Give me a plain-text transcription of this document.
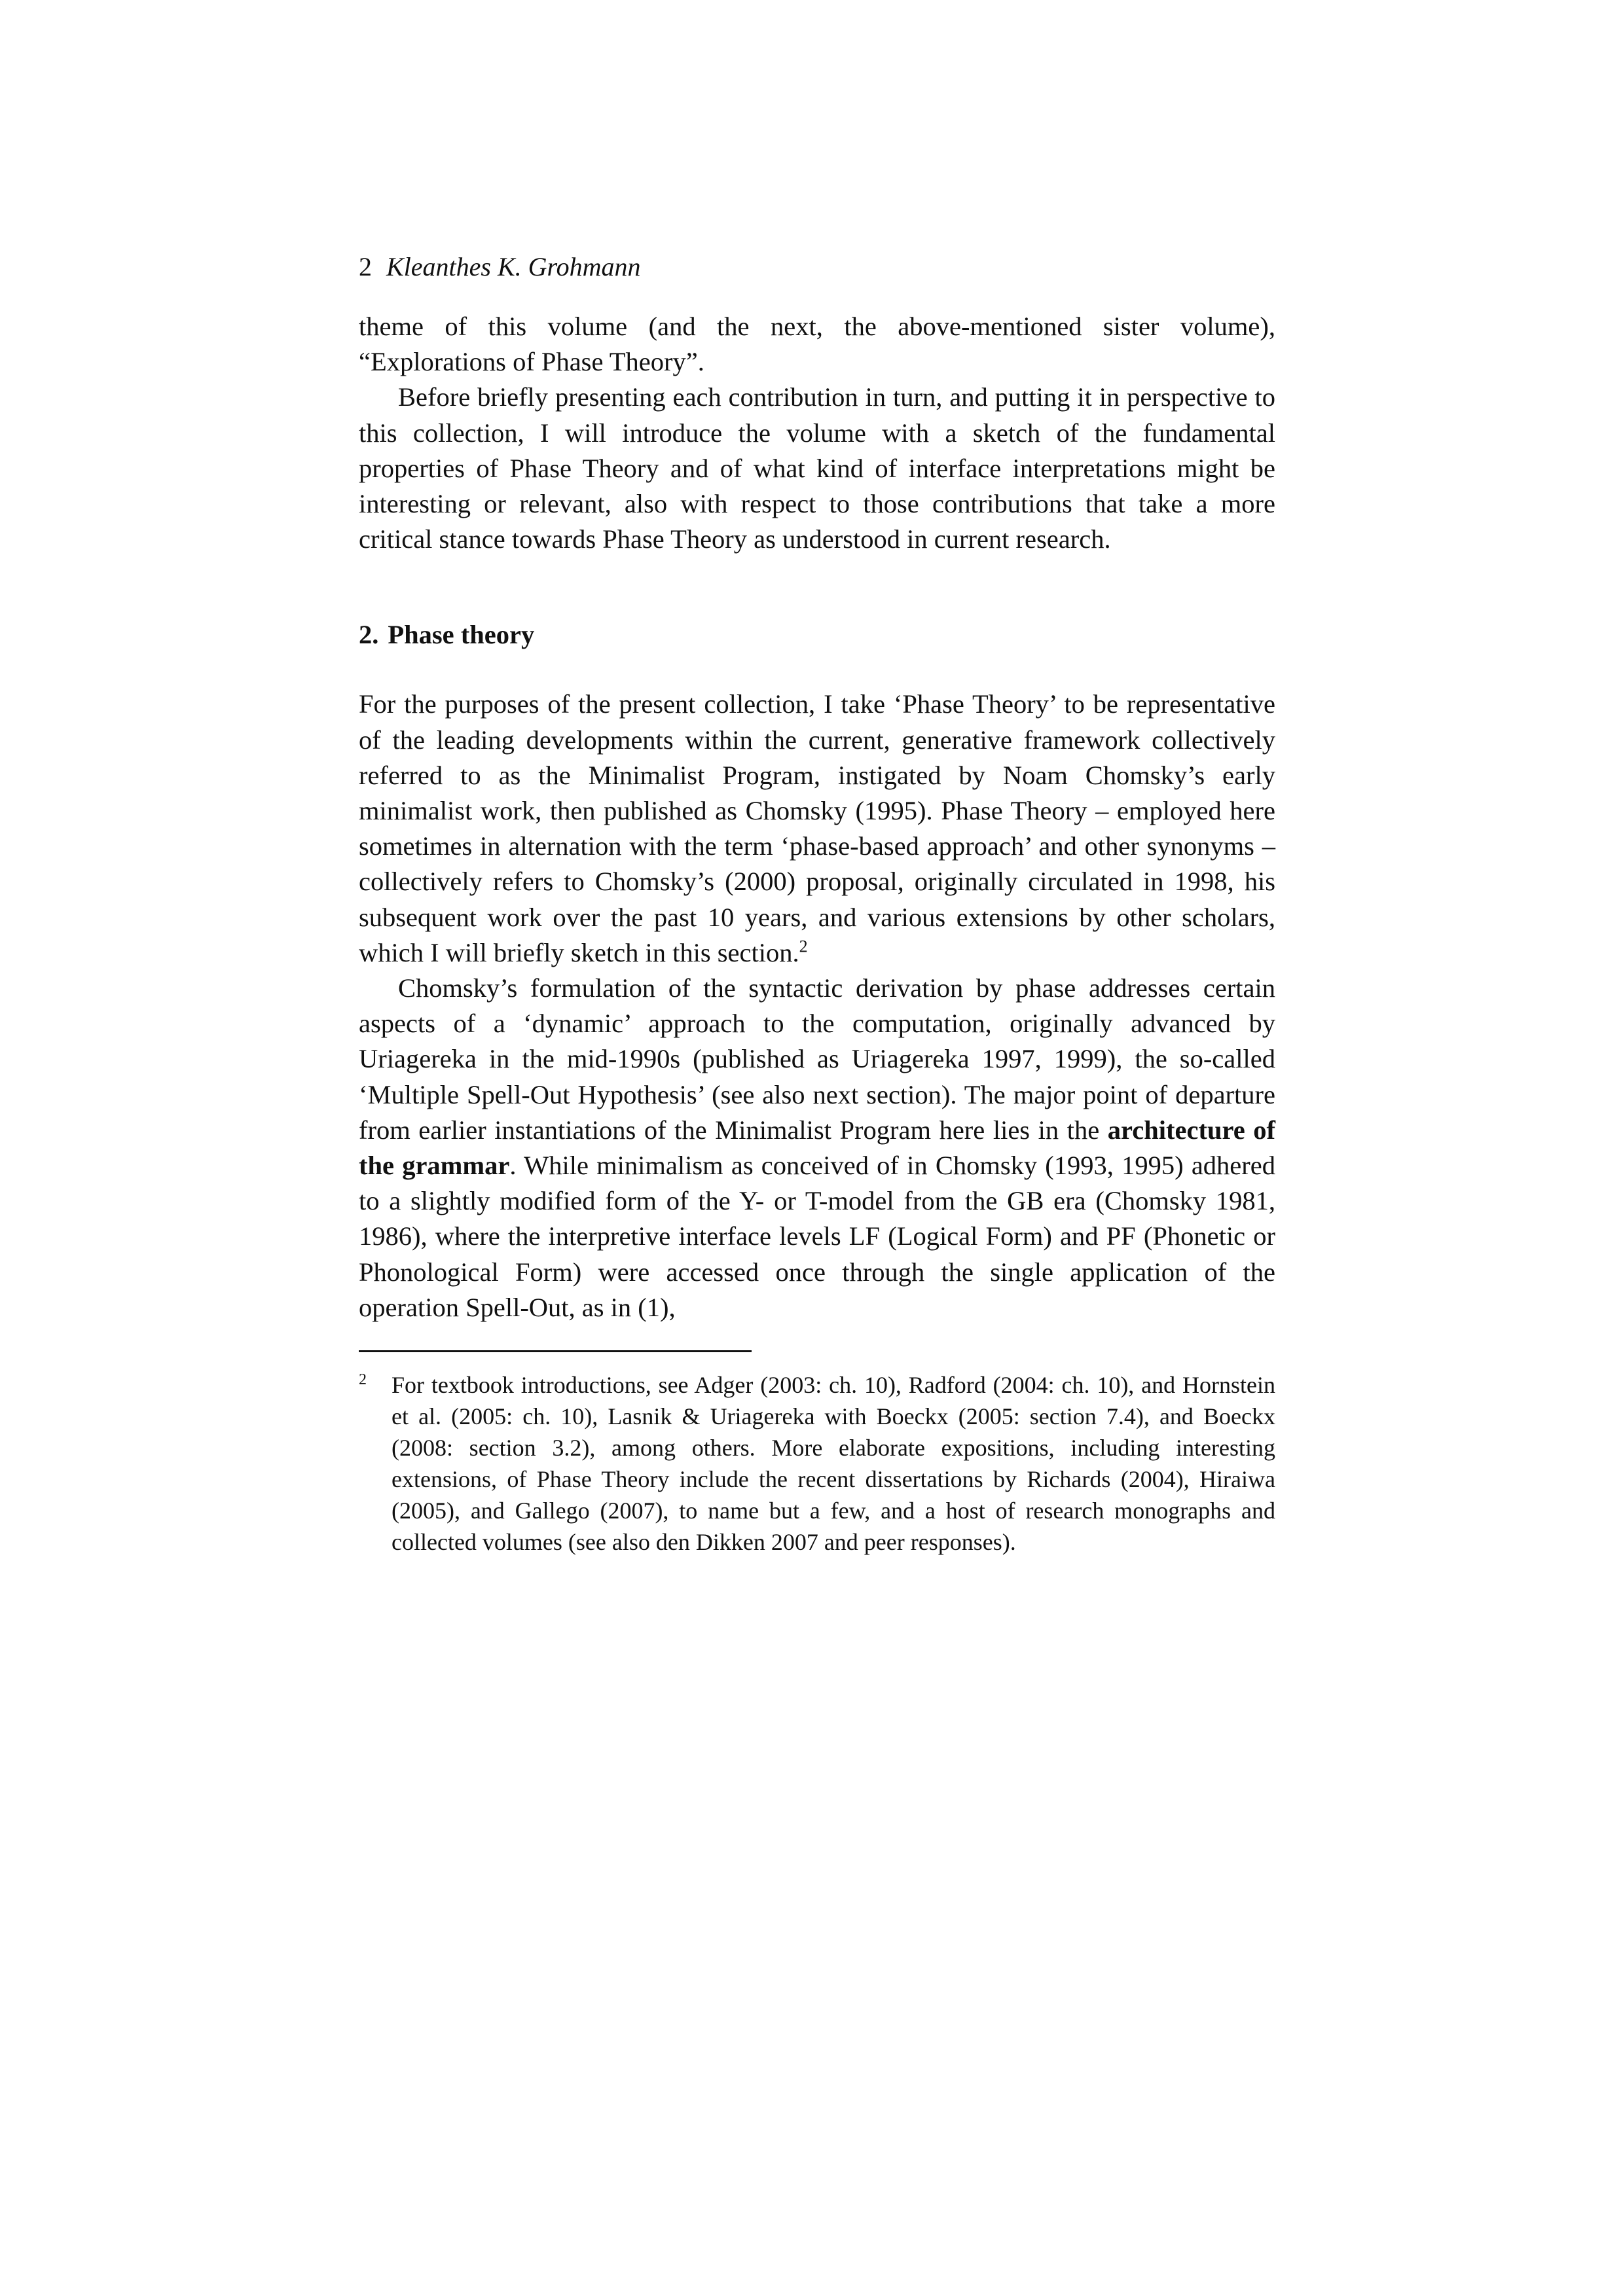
2 Kleanthes K. Grohmann

theme of this volume (and the next, the above-mentioned sister volume), “Explorations of Phase Theory”.

Before briefly presenting each contribution in turn, and putting it in perspective to this collection, I will introduce the volume with a sketch of the fundamental properties of Phase Theory and of what kind of interface interpretations might be interesting or relevant, also with respect to those contributions that take a more critical stance towards Phase Theory as understood in current research.

2. Phase theory

For the purposes of the present collection, I take ‘Phase Theory’ to be representative of the leading developments within the current, generative framework collectively referred to as the Minimalist Program, instigated by Noam Chomsky’s early minimalist work, then published as Chomsky (1995). Phase Theory – employed here sometimes in alternation with the term ‘phase-based approach’ and other synonyms – collectively refers to Chomsky’s (2000) proposal, originally circulated in 1998, his subsequent work over the past 10 years, and various extensions by other scholars, which I will briefly sketch in this section.$^2$

Chomsky’s formulation of the syntactic derivation by phase addresses certain aspects of a ‘dynamic’ approach to the computation, originally advanced by Uriagereka in the mid-1990s (published as Uriagereka 1997, 1999), the so-called ‘Multiple Spell-Out Hypothesis’ (see also next section). The major point of departure from earlier instantiations of the Minimalist Program here lies in the architecture of the grammar. While minimalism as conceived of in Chomsky (1993, 1995) adhered to a slightly modified form of the Y- or T-model from the GB era (Chomsky 1981, 1986), where the interpretive interface levels LF (Logical Form) and PF (Phonetic or Phonological Form) were accessed once through the single application of the operation Spell-Out, as in (1),

2 For textbook introductions, see Adger (2003: ch. 10), Radford (2004: ch. 10), and Hornstein et al. (2005: ch. 10), Lasnik & Uriagereka with Boeckx (2005: section 7.4), and Boeckx (2008: section 3.2), among others. More elaborate expositions, including interesting extensions, of Phase Theory include the recent dissertations by Richards (2004), Hiraiwa (2005), and Gallego (2007), to name but a few, and a host of research monographs and collected volumes (see also den Dikken 2007 and peer responses).
